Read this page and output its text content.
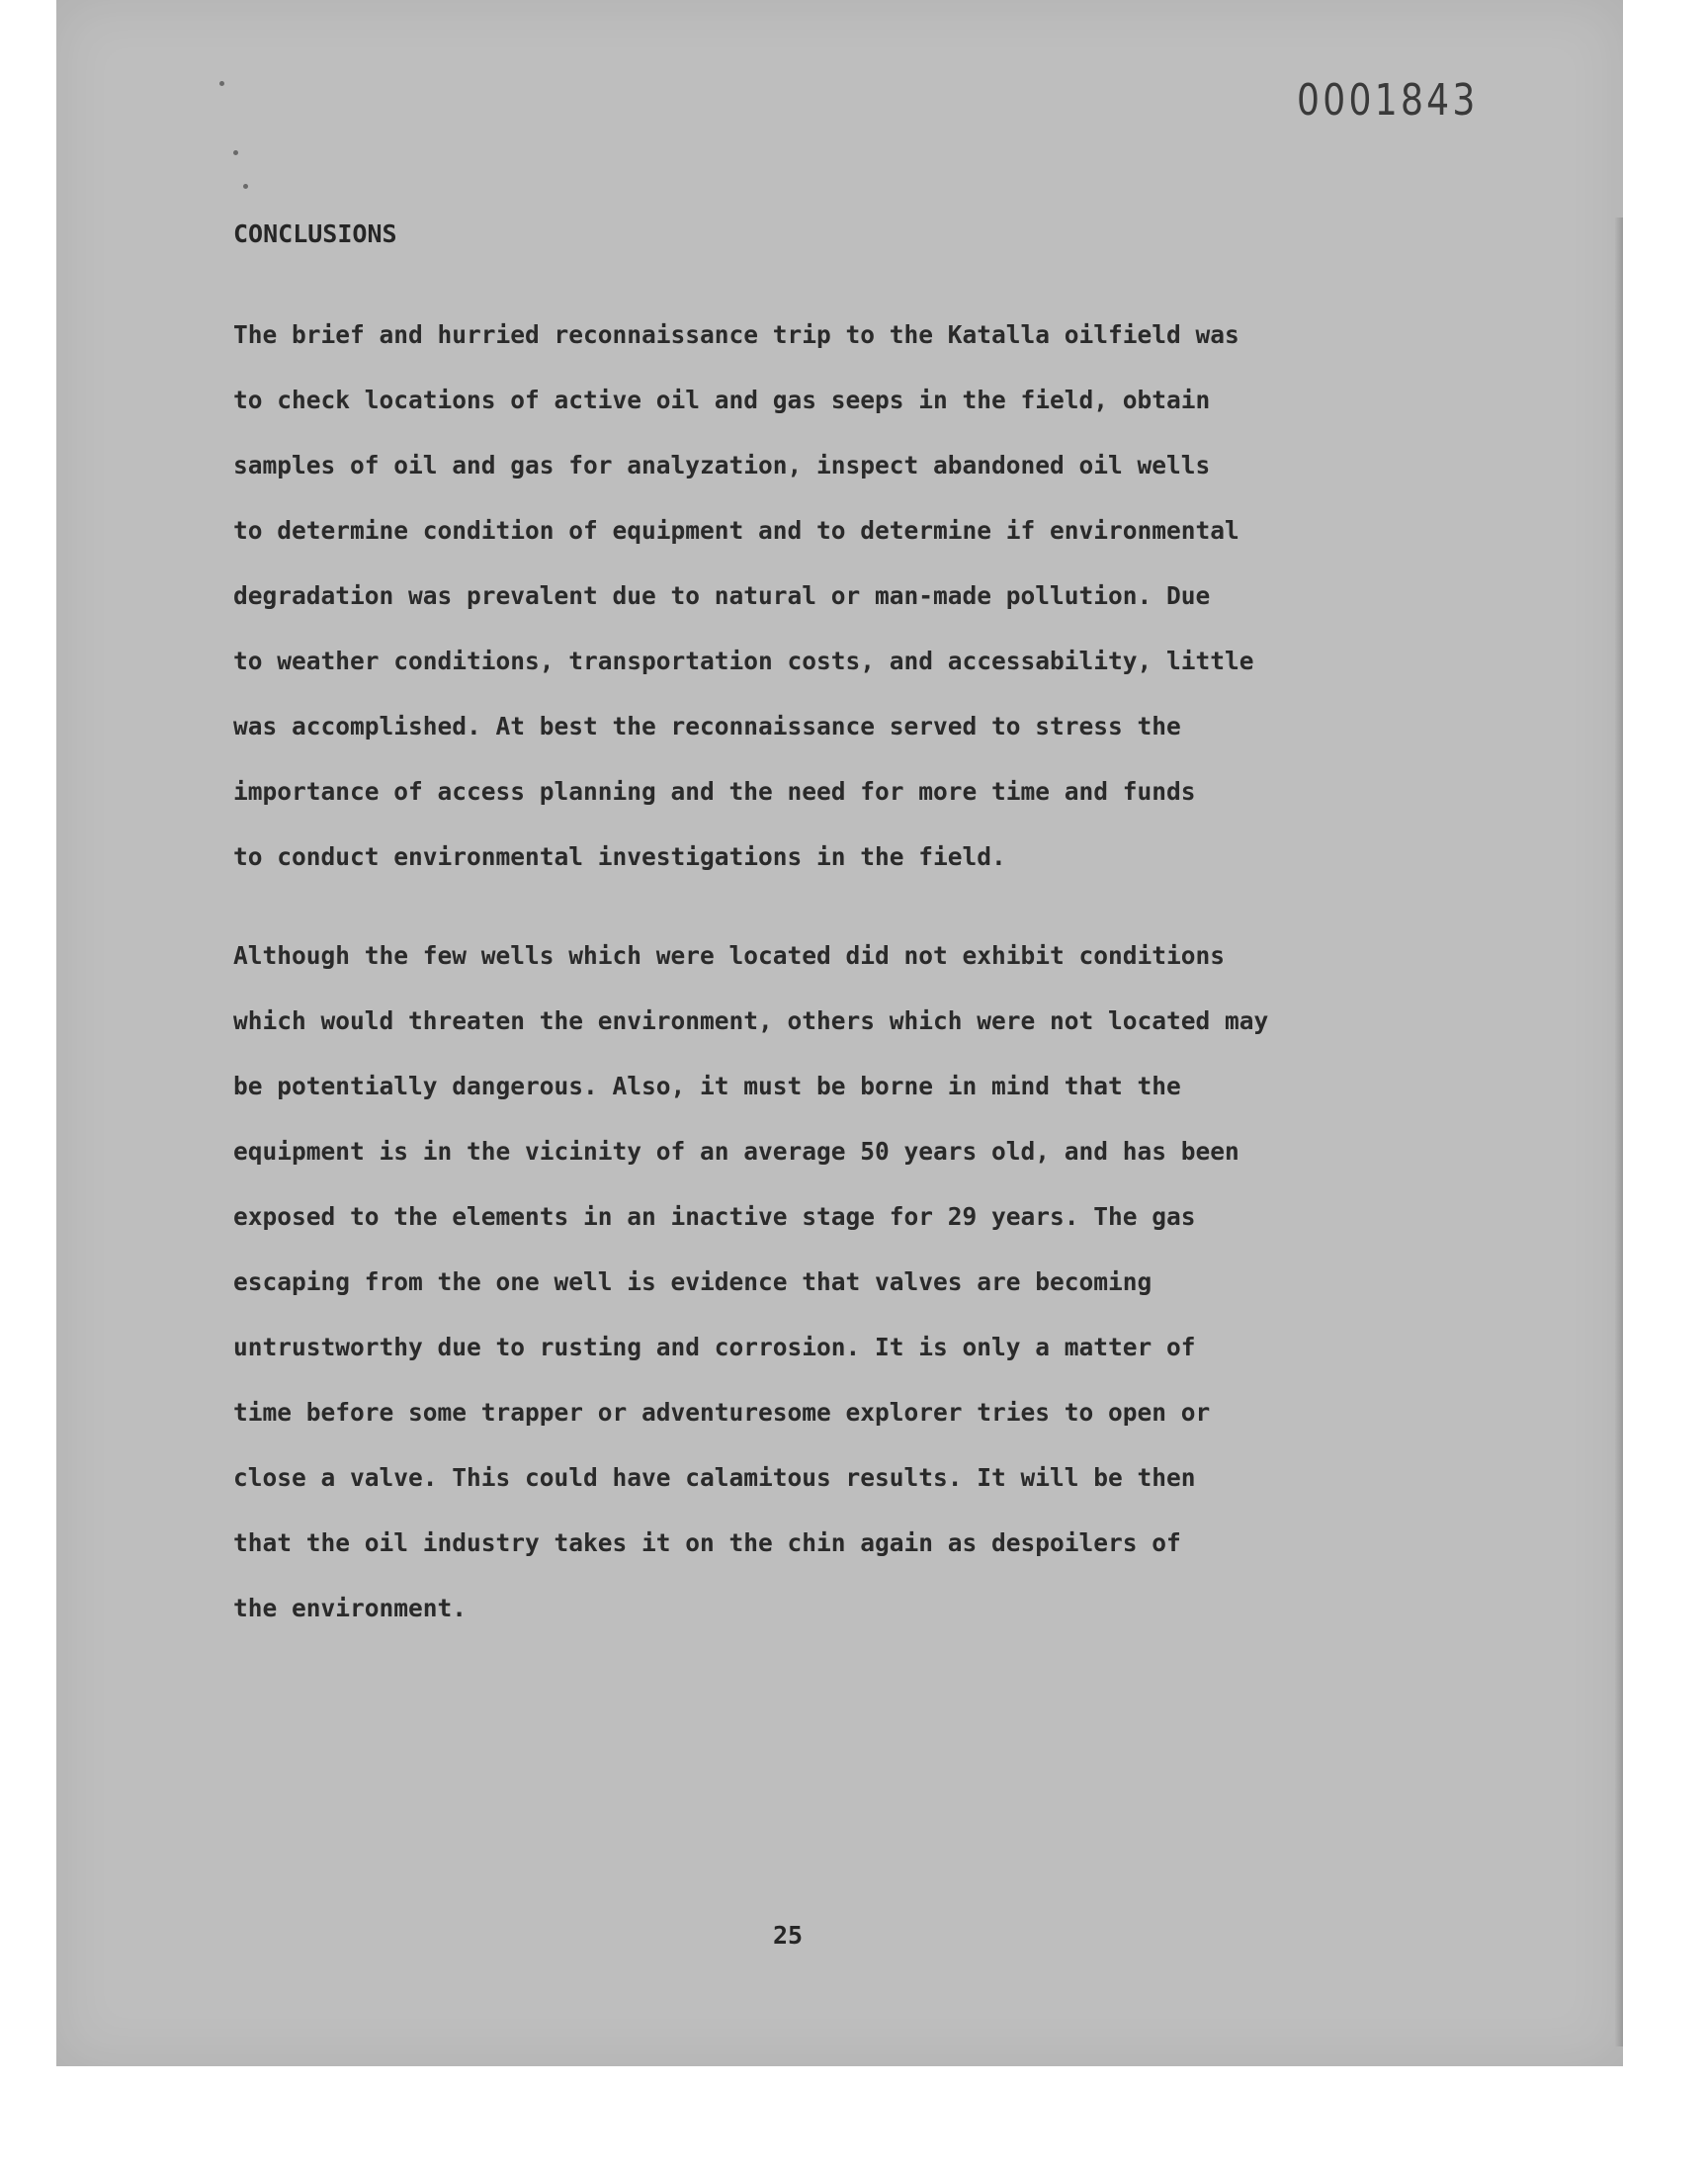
0001843
CONCLUSIONS
The brief and hurried reconnaissance trip to the Katalla oilfield was
to check locations of active oil and gas seeps in the field, obtain
samples of oil and gas for analyzation, inspect abandoned oil wells
to determine condition of equipment and to determine if environmental
degradation was prevalent due to natural or man-made pollution. Due
to weather conditions, transportation costs, and accessability, little
was accomplished. At best the reconnaissance served to stress the
importance of access planning and the need for more time and funds
to conduct environmental investigations in the field.
Although the few wells which were located did not exhibit conditions
which would threaten the environment, others which were not located may
be potentially dangerous. Also, it must be borne in mind that the
equipment is in the vicinity of an average 50 years old, and has been
exposed to the elements in an inactive stage for 29 years. The gas
escaping from the one well is evidence that valves are becoming
untrustworthy due to rusting and corrosion. It is only a matter of
time before some trapper or adventuresome explorer tries to open or
close a valve. This could have calamitous results. It will be then
that the oil industry takes it on the chin again as despoilers of
the environment.
25
